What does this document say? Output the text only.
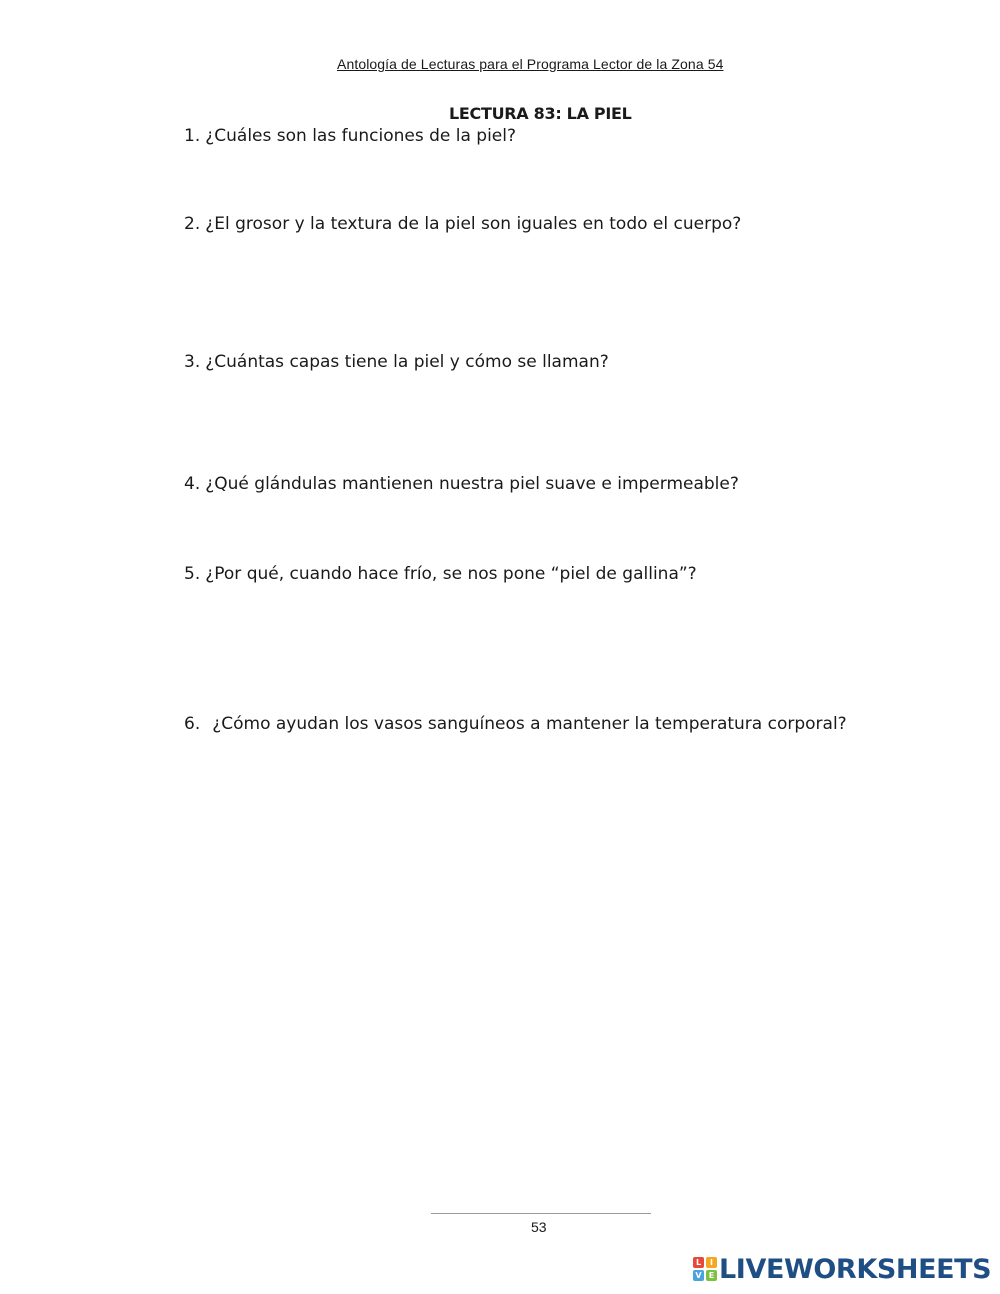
Antología de Lecturas para el Programa Lector de la Zona 54
LECTURA 83: LA PIEL
1. ¿Cuáles son las funciones de la piel?
2. ¿El grosor y la textura de la piel son iguales en todo el cuerpo?
3. ¿Cuántas capas tiene la piel y cómo se llaman?
4. ¿Qué glándulas mantienen nuestra piel suave e impermeable?
5. ¿Por qué, cuando hace frío, se nos pone “piel de gallina”?
6. ¿Cómo ayudan los vasos sanguíneos a mantener la temperatura corporal?
53
L	I
V E LIVEWORKSHEETS
